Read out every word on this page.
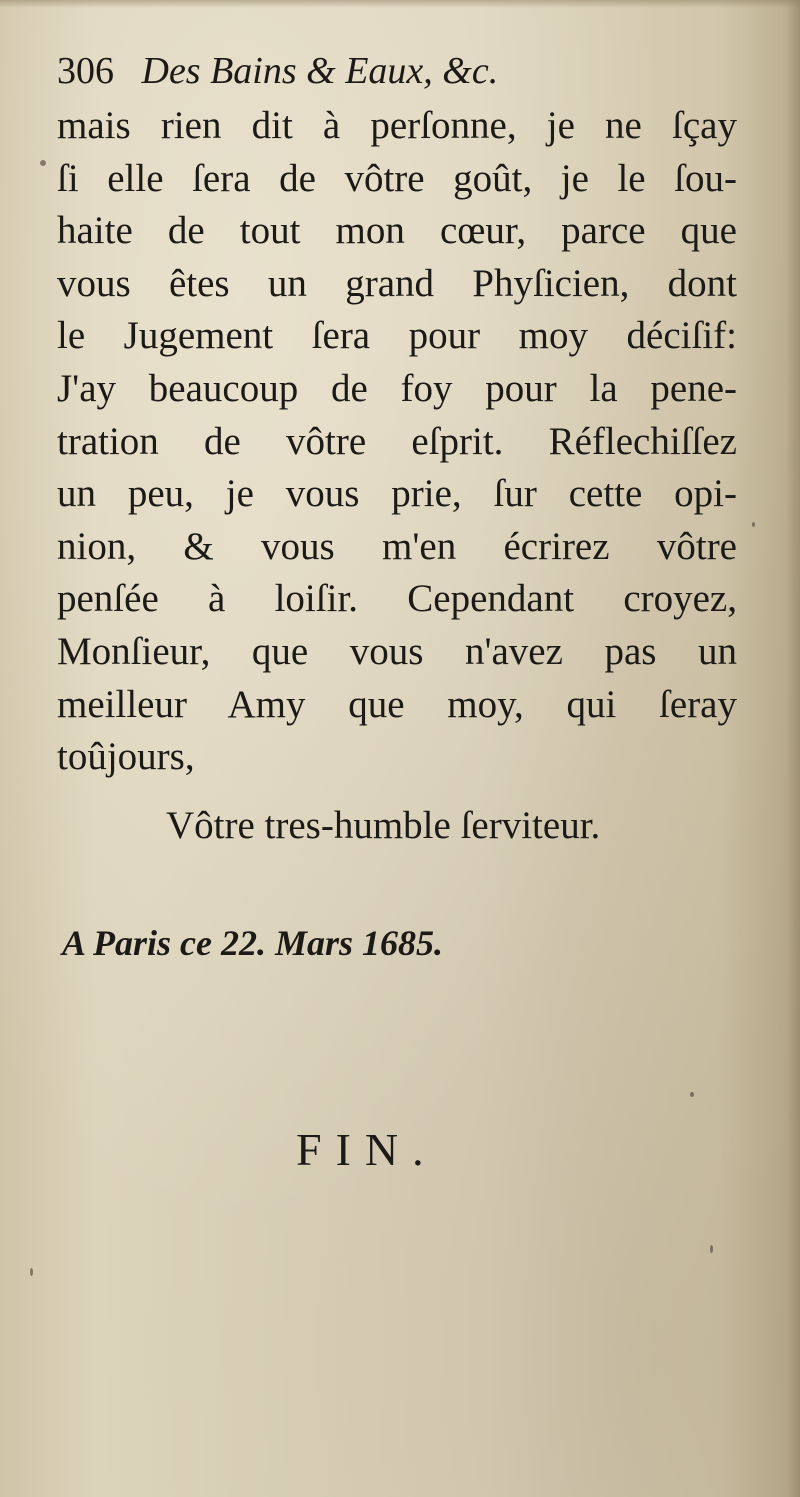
306 Des Bains & Eaux, &c.
mais rien dit à perſonne, je ne ſçay
ſi elle ſera de vôtre goût, je le ſou-
haite de tout mon cœur, parce que
vous êtes un grand Phyſicien, dont
le Jugement ſera pour moy déciſif:
J'ay beaucoup de foy pour la pene-
tration de vôtre eſprit. Réflechiſſez
un peu, je vous prie, ſur cette opi-
nion, & vous m'en écrirez vôtre
penſée à loiſir. Cependant croyez,
Monſieur, que vous n'avez pas un
meilleur Amy que moy, qui ſeray
toûjours,
Vôtre tres-humble ſerviteur.
A Paris ce 22. Mars 1685.
FIN.
